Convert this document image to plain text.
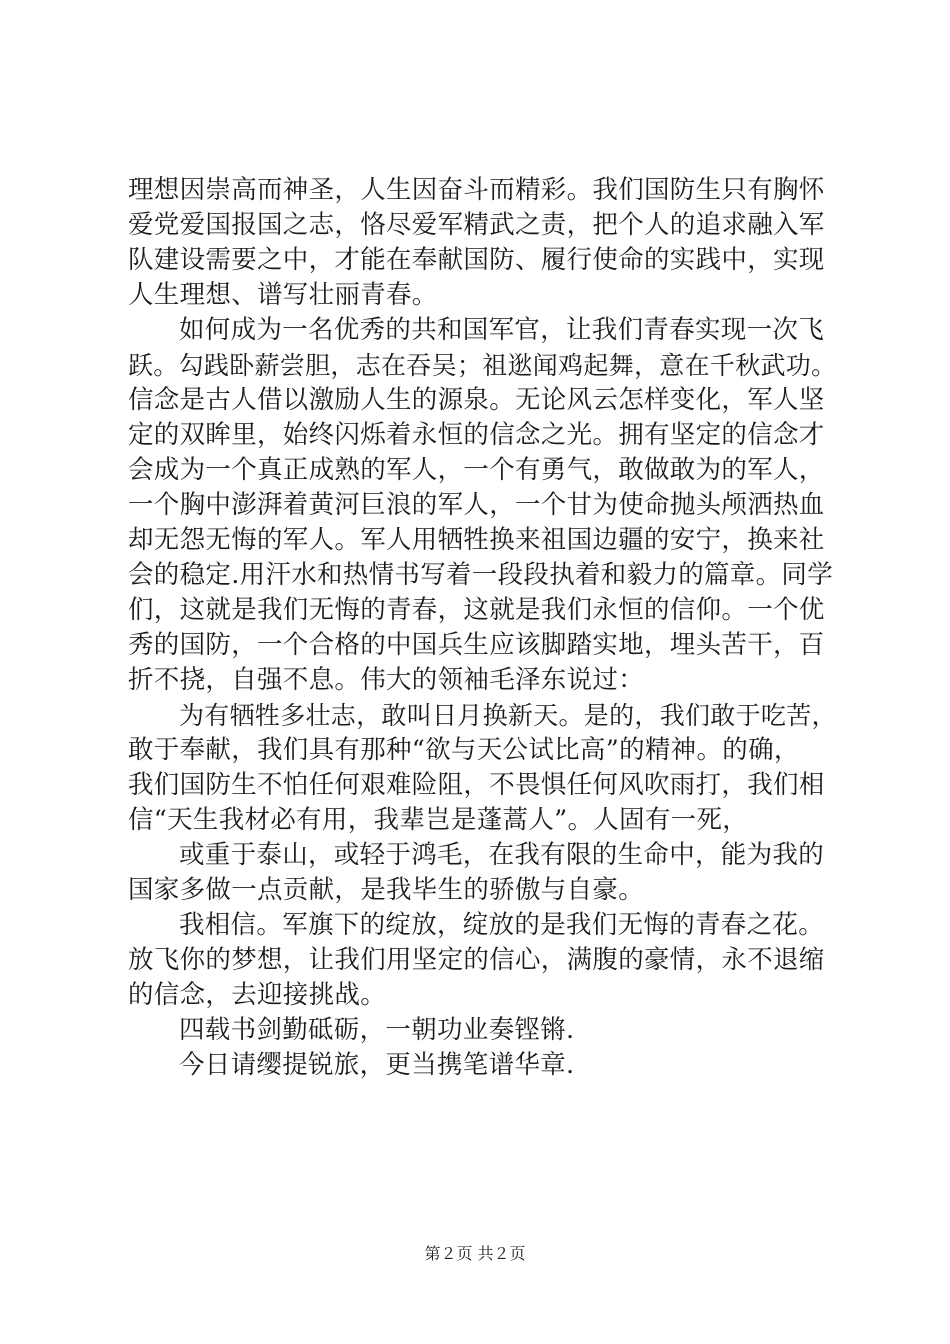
理想因崇高而神圣，人生因奋斗而精彩。我们国防生只有胸怀
爱党爱国报国之志，恪尽爱军精武之责，把个人的追求融入军
队建设需要之中，才能在奉献国防、履行使命的实践中，实现
人生理想、谱写壮丽青春。
如何成为一名优秀的共和国军官，让我们青春实现一次飞
跃。勾践卧薪尝胆，志在吞吴；祖逖闻鸡起舞，意在千秋武功。
信念是古人借以激励人生的源泉。无论风云怎样变化，军人坚
定的双眸里，始终闪烁着永恒的信念之光。拥有坚定的信念才
会成为一个真正成熟的军人，一个有勇气，敢做敢为的军人，
一个胸中澎湃着黄河巨浪的军人，一个甘为使命抛头颅洒热血
却无怨无悔的军人。军人用牺牲换来祖国边疆的安宁，换来社
会的稳定.用汗水和热情书写着一段段执着和毅力的篇章。同学
们，这就是我们无悔的青春，这就是我们永恒的信仰。一个优
秀的国防，一个合格的中国兵生应该脚踏实地，埋头苦干，百
折不挠，自强不息。伟大的领袖毛泽东说过：
为有牺牲多壮志，敢叫日月换新天。是的，我们敢于吃苦，
敢于奉献，我们具有那种“欲与天公试比高”的精神。的确，
我们国防生不怕任何艰难险阻，不畏惧任何风吹雨打，我们相
信“天生我材必有用，我辈岂是蓬蒿人”。人固有一死，
或重于泰山，或轻于鸿毛，在我有限的生命中，能为我的
国家多做一点贡献，是我毕生的骄傲与自豪。
我相信。军旗下的绽放，绽放的是我们无悔的青春之花。
放飞你的梦想，让我们用坚定的信心，满腹的豪情，永不退缩
的信念，去迎接挑战。
四载书剑勤砥砺，一朝功业奏铿锵.
今日请缨提锐旅，更当携笔谱华章.
第２页 共２页
